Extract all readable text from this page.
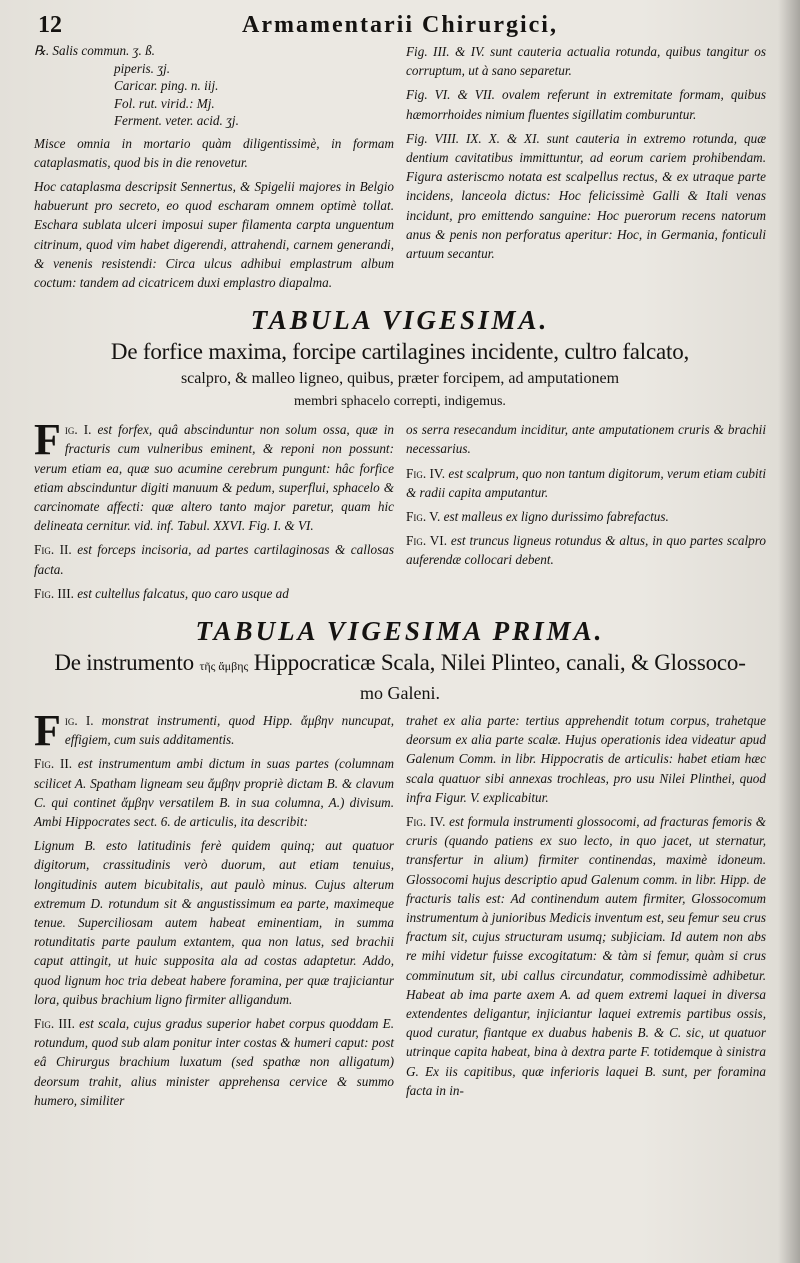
12	Armamentarii Chirurgici,

℞. Salis commun. ʒ. ß.

piperis. ʒj.

Caricar. ping. n. iij.

Fol. rut. virid.: Mj.

Ferment. veter. acid. ʒj.

Misce omnia in mortario quàm diligentissimè, in formam cataplasmatis, quod bis in die renovetur.

Hoc cataplasma descripsit Sennertus, & Spigelii majores in Belgio habuerunt pro secreto, eo quod escharam omnem optimè tollat. Eschara sublata ulceri imposui super filamenta carpta unguentum citrinum, quod vim habet digerendi, attrahendi, carnem generandi, & venenis resistendi: Circa ulcus adhibui emplastrum album coctum: tandem ad cicatricem duxi emplastro diapalma.

Fig. III. & IV. sunt cauteria actualia rotunda, quibus tangitur os corruptum, ut à sano separetur.

Fig. VI. & VII. ovalem referunt in extremitate formam, quibus hæmorrhoides nimium fluentes sigillatim comburuntur.

Fig. VIII. IX. X. & XI. sunt cauteria in extremo rotunda, quæ dentium cavitatibus immittuntur, ad eorum cariem prohibendam. Figura asteriscmo notata est scalpellus rectus, & ex utraque parte incidens, lanceola dictus: Hoc felicissimè Galli & Itali venas incidunt, pro emittendo sanguine: Hoc puerorum recens natorum anus & penis non perforatus aperitur: Hoc, in Germania, fonticuli artuum secantur.

TABULA VIGESIMA.
De forfice maxima, forcipe cartilagines incidente, cultro falcato,
scalpro, & malleo ligneo, quibus, præter forcipem, ad amputationem
membri sphacelo correpti, indigemus.

Fig. I. est forfex, quâ abscinduntur non solum ossa, quæ in fracturis cum vulneribus eminent, & reponi non possunt: verum etiam ea, quæ suo acumine cerebrum pungunt: hâc forfice etiam abscinduntur digiti manuum & pedum, superflui, sphacelo & carcinomate affecti: quæ altero tanto major paretur, quam hic delineata cernitur. vid. inf. Tabul. XXVI. Fig. I. & VI.

Fig. II. est forceps incisoria, ad partes cartilaginosas & callosas facta.

Fig. III. est cultellus falcatus, quo caro usque ad

os serra resecandum inciditur, ante amputationem cruris & brachii necessarius.

Fig. IV. est scalprum, quo non tantum digitorum, verum etiam cubiti & radii capita amputantur.

Fig. V. est malleus ex ligno durissimo fabrefactus.

Fig. VI. est truncus ligneus rotundus & altus, in quo partes scalpro auferendæ collocari debent.

TABULA VIGESIMA PRIMA.
De instrumento τῆς ἄμβης Hippocraticæ Scala, Nilei Plinteo, canali, & Glossoco-
mo Galeni.

Fig. I. monstrat instrumenti, quod Hipp. ἄμβην nuncupat, effigiem, cum suis additamentis.

Fig. II. est instrumentum ambi dictum in suas partes (columnam scilicet A. Spatham ligneam seu ἄμβην propriè dictam B. & clavum C. qui continet ἄμβην versatilem B. in sua columna, A.) divisum. Ambi Hippocrates sect. 6. de articulis, ita describit:

Lignum B. esto latitudinis ferè quidem quinq; aut quatuor digitorum, crassitudinis verò duorum, aut etiam tenuius, longitudinis autem bicubitalis, aut paulò minus. Cujus alterum extremum D. rotundum sit & angustissimum ea parte, maximeque tenue. Superciliosam autem habeat eminentiam, in summa rotunditatis parte paulum extantem, qua non latus, sed brachii caput attingit, ut huic supposita ala ad costas adaptetur. Addo, quod lignum hoc tria debeat habere foramina, per quæ trajiciantur lora, quibus brachium ligno firmiter alligandum.

Fig. III. est scala, cujus gradus superior habet corpus quoddam E. rotundum, quod sub alam ponitur inter costas & humeri caput: post eâ Chirurgus brachium luxatum (sed spathæ non alligatum) deorsum trahit, alius minister apprehensa cervice & summo humero, similiter

trahet ex alia parte: tertius apprehendit totum corpus, trahetque deorsum ex alia parte scalæ. Hujus operationis idea videatur apud Galenum Comm. in libr. Hippocratis de articulis: habet etiam hæc scala quatuor sibi annexas trochleas, pro usu Nilei Plinthei, quod infra Figur. V. explicabitur.

Fig. IV. est formula instrumenti glossocomi, ad fracturas femoris & cruris (quando patiens ex suo lecto, in quo jacet, ut sternatur, transfertur in alium) firmiter continendas, maximè idoneum. Glossocomi hujus descriptio apud Galenum comm. in libr. Hipp. de fracturis talis est: Ad continendum autem firmiter, Glossocomum instrumentum à junioribus Medicis inventum est, seu femur seu crus fractum sit, cujus structuram usumq; subjiciam. Id autem non abs re mihi videtur fuisse excogitatum: & tàm si femur, quàm si crus comminutum sit, ubi callus circundatur, commodissimè adhibetur. Habeat ab ima parte axem A. ad quem extremi laquei in diversa extendentes deligantur, injiciantur laquei extremis partibus ossis, quod curatur, fiantque ex duabus habenis B. & C. sic, ut quatuor utrinque capita habeat, bina à dextra parte F. totidemque à sinistra G. Ex iis capitibus, quæ inferioris laquei B. sunt, per foramina facta in in-
